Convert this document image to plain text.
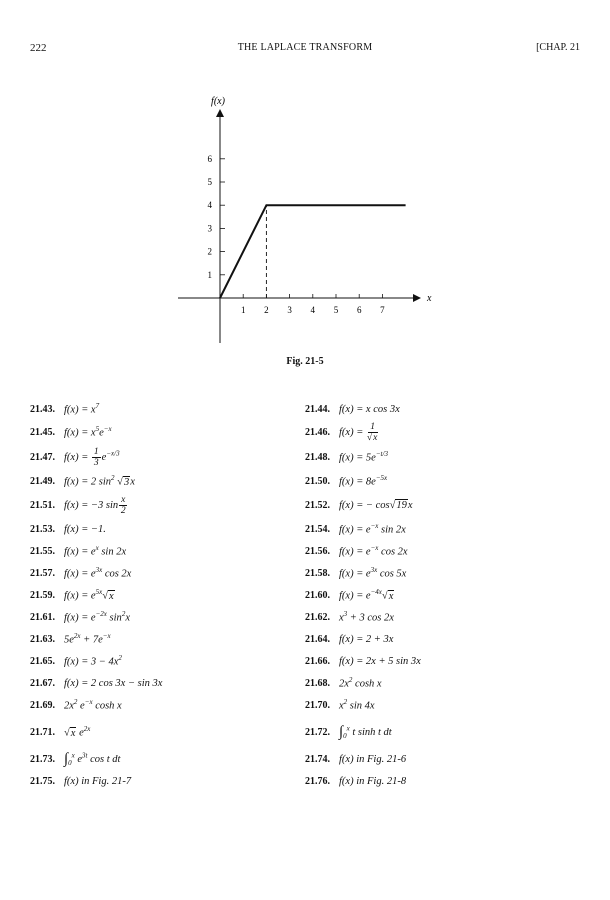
222	THE LAPLACE TRANSFORM	[CHAP. 21
f(x)
x
1 2 3 4 5 6 7
1
2
3
4
5
6
Fig. 21-5
21.43. $f(x) = x^7$	21.44. f(x) = x cos 3x
21.45. $f(x) = x^5e^{-x}$	21.46. $f(x) = \frac{1}{√x}$
21.47. $f(x) = \frac{1}{3} e^{-x/3}$	21.48. $f(x) = 5e^{-t/3}$
21.49. f(x) = 2 $\sin^2 √3x$	21.50. $f(x) = 8e^{-5x}$
21.51. f(x) = −3 $\sin \frac{x}{2}$	21.52. f(x) = − cos√19x
21.53. f(x) = −1.	21.54. $f(x) = e^{-x}$ sin 2x
21.55. $f(x) = e^x$ sin 2x	21.56. $f(x) = e^{-x}$ cos 2x
21.57. $f(x) = e^{3x}$ cos 2x	21.58. $f(x) = e^{3x}$ cos 5x
21.59. $f(x) = e^{5x}√x$	21.60. $f(x) = e^{-4x}√x$
21.61. $f(x) = e^{-2x}$ $\sin^2x$	21.62. $x^3 + 3$ cos 2x
21.63. $5e^{2x} + 7e^{-x}$	21.64. f(x) = 2 + 3x
21.65. $f(x) = 3 - 4x^2$	21.66. f(x) = 2x + 5 sin 3x
21.67. f(x) = 2 cos 3x − sin 3x	21.68. $2x^2$ cosh x
21.69. $2x^2$ $e^{-x}$ cosh x	21.70. $x^2$ sin 4x
21.71. √x $e^{2x}$	21.72. $\int_0^x$ t sinh t dt
21.73. $\int_0^x$ $e^{3t}$ cos t dt	21.74. f(x) in Fig. 21-6
21.75. f(x) in Fig. 21-7	21.76. f(x) in Fig. 21-8
